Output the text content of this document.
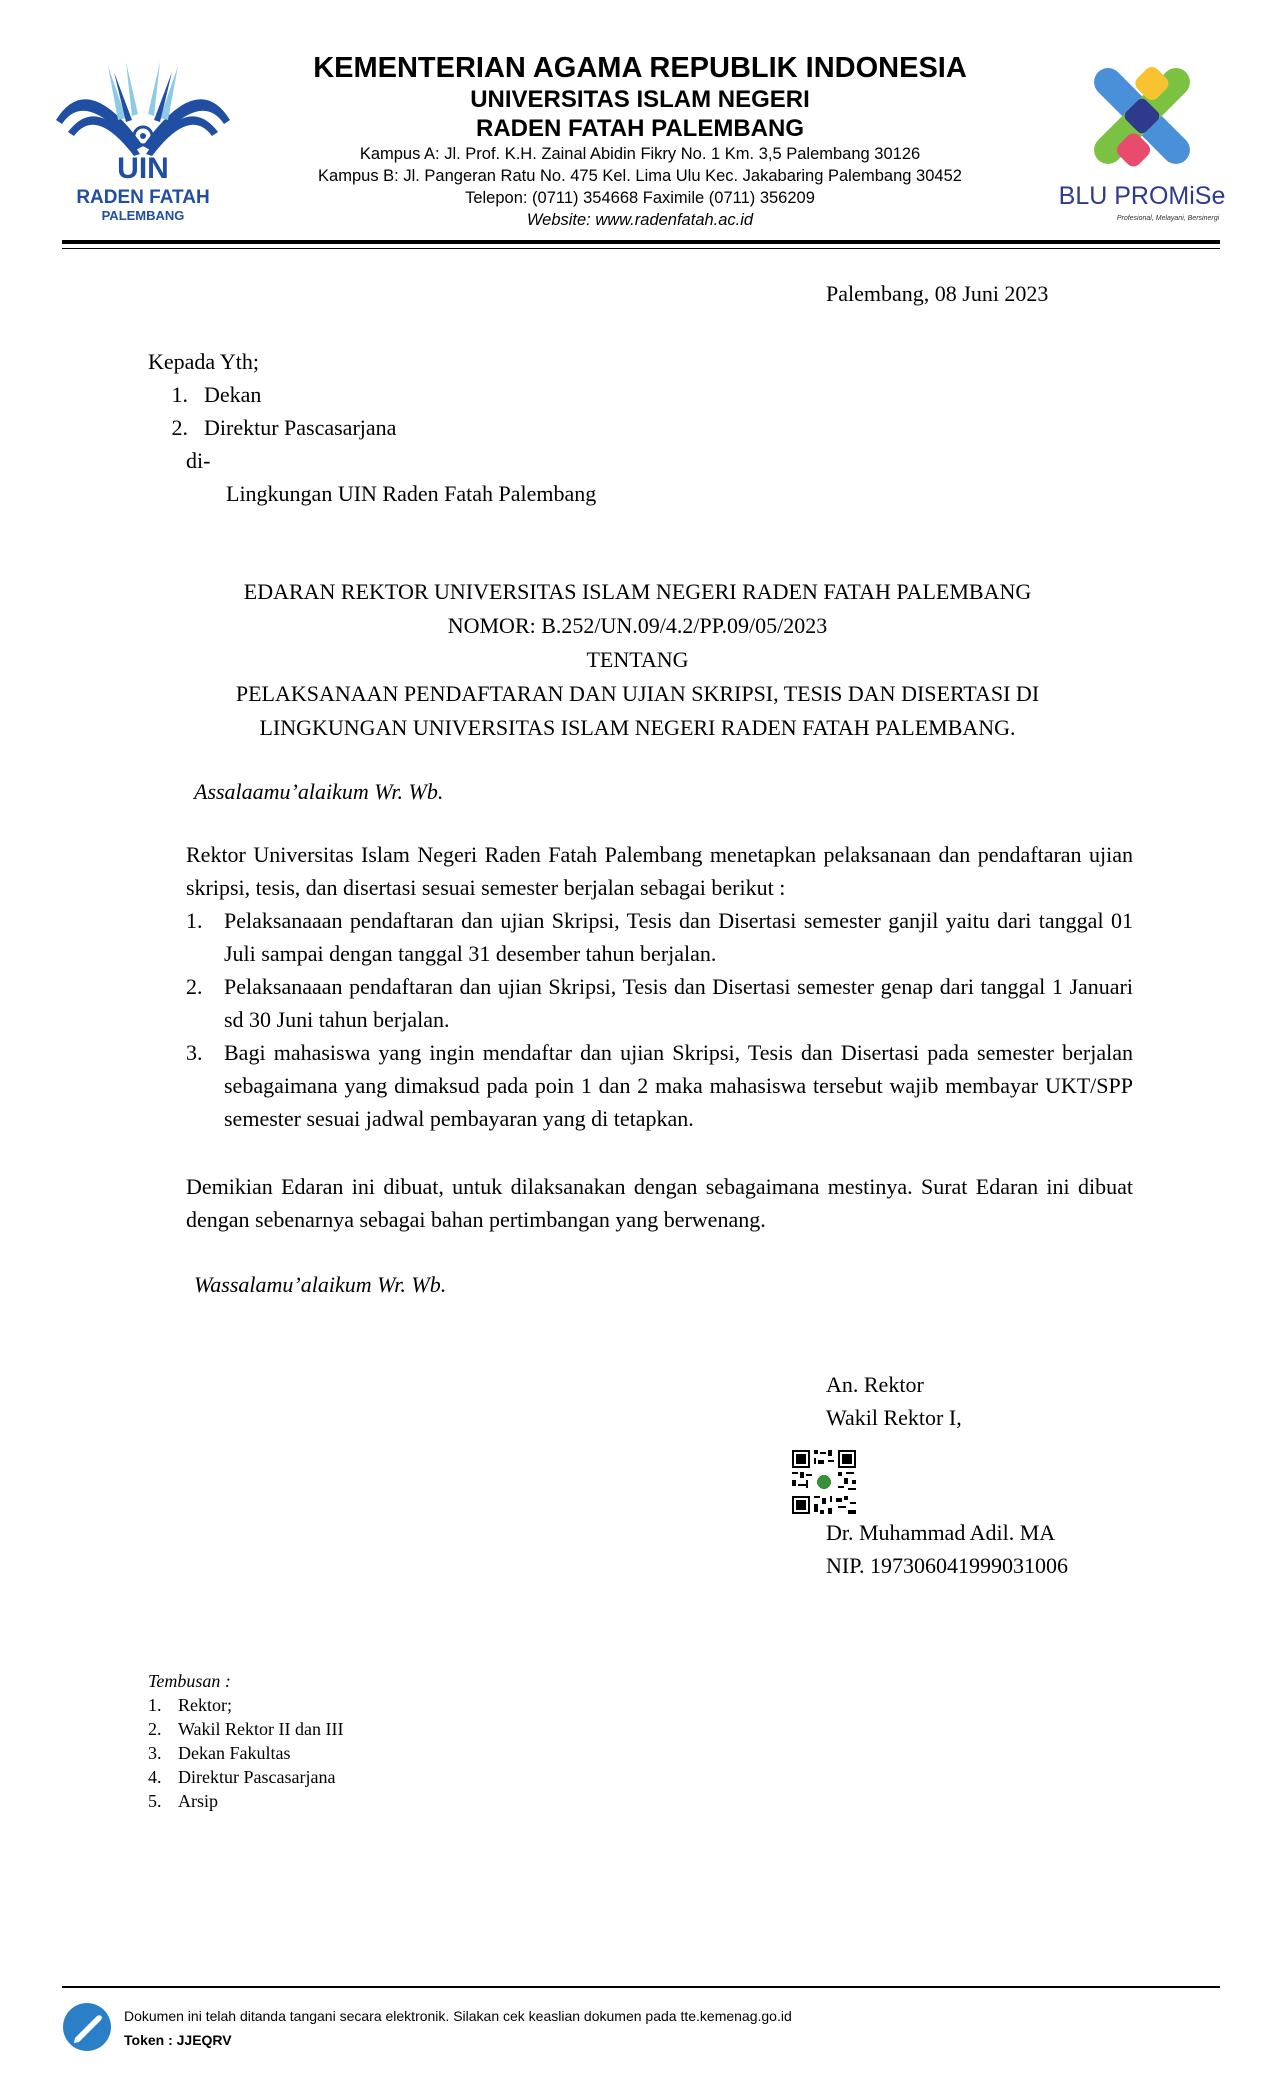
UIN
RADEN FATAH
PALEMBANG
KEMENTERIAN AGAMA REPUBLIK INDONESIA
UNIVERSITAS ISLAM NEGERI
RADEN FATAH PALEMBANG
Kampus A: Jl. Prof. K.H. Zainal Abidin Fikry No. 1 Km. 3,5 Palembang 30126
Kampus B: Jl. Pangeran Ratu No. 475 Kel. Lima Ulu Kec. Jakabaring Palembang 30452
Telepon: (0711) 354668 Faximile (0711) 356209
Website: www.radenfatah.ac.id
BLU PROMiSe
Profesional, Melayani, Bersinergi
Palembang, 08 Juni 2023
Kepada Yth;
1. Dekan
2. Direktur Pascasarjana
di-
Lingkungan UIN Raden Fatah Palembang
EDARAN REKTOR UNIVERSITAS ISLAM NEGERI RADEN FATAH PALEMBANG
NOMOR: B.252/UN.09/4.2/PP.09/05/2023
TENTANG
PELAKSANAAN PENDAFTARAN DAN UJIAN SKRIPSI, TESIS DAN DISERTASI DI
LINGKUNGAN UNIVERSITAS ISLAM NEGERI RADEN FATAH PALEMBANG.
Assalaamu’alaikum Wr. Wb.
Rektor Universitas Islam Negeri Raden Fatah Palembang menetapkan pelaksanaan dan pendaftaran ujian skripsi, tesis, dan disertasi sesuai semester berjalan sebagai berikut :
1. Pelaksanaaan pendaftaran dan ujian Skripsi, Tesis dan Disertasi semester ganjil yaitu dari tanggal 01 Juli sampai dengan tanggal 31 desember tahun berjalan.
2. Pelaksanaaan pendaftaran dan ujian Skripsi, Tesis dan Disertasi semester genap dari tanggal 1 Januari sd 30 Juni tahun berjalan.
3. Bagi mahasiswa yang ingin mendaftar dan ujian Skripsi, Tesis dan Disertasi pada semester berjalan sebagaimana yang dimaksud pada poin 1 dan 2 maka mahasiswa tersebut wajib membayar UKT/SPP semester sesuai jadwal pembayaran yang di tetapkan.
Demikian Edaran ini dibuat, untuk dilaksanakan dengan sebagaimana mestinya. Surat Edaran ini dibuat dengan sebenarnya sebagai bahan pertimbangan yang berwenang.
Wassalamu’alaikum Wr. Wb.
An. Rektor
Wakil Rektor I,
Dr. Muhammad Adil. MA
NIP. 197306041999031006
Tembusan :
1. Rektor;
2. Wakil Rektor II dan III
3. Dekan Fakultas
4. Direktur Pascasarjana
5. Arsip
Dokumen ini telah ditanda tangani secara elektronik. Silakan cek keaslian dokumen pada tte.kemenag.go.id
Token : JJEQRV
